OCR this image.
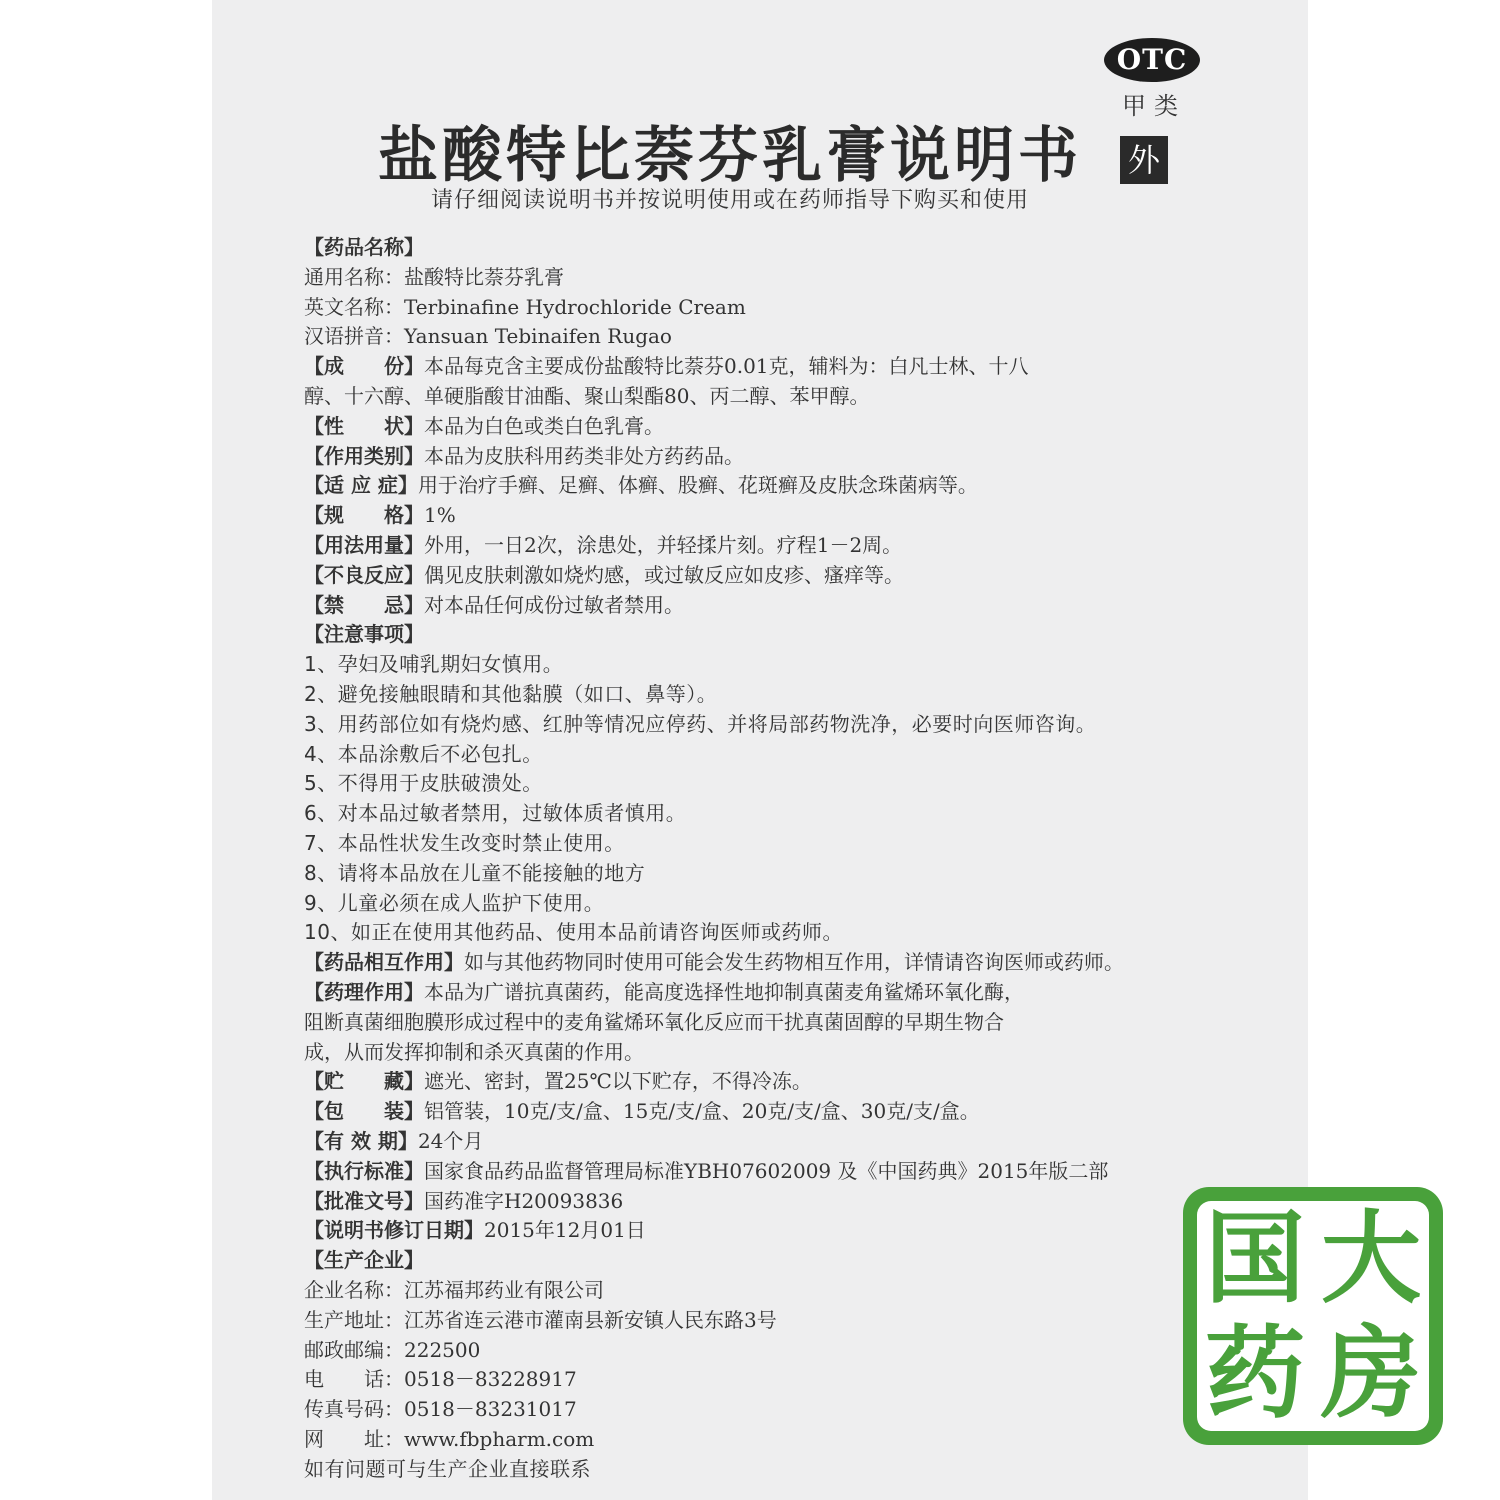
OTC
甲类
外
盐酸特比萘芬乳膏说明书
请仔细阅读说明书并按说明使用或在药师指导下购买和使用
【药品名称】
通用名称：盐酸特比萘芬乳膏
英文名称：Terbinafine Hydrochloride Cream
汉语拼音：Yansuan Tebinaifen Rugao
【成　　份】本品每克含主要成份盐酸特比萘芬0.01克，辅料为：白凡士林、十八
醇、十六醇、单硬脂酸甘油酯、聚山梨酯80、丙二醇、苯甲醇。
【性　　状】本品为白色或类白色乳膏。
【作用类别】本品为皮肤科用药类非处方药药品。
【适 应 症】用于治疗手癣、足癣、体癣、股癣、花斑癣及皮肤念珠菌病等。
【规　　格】1%
【用法用量】外用，一日2次，涂患处，并轻揉片刻。疗程1－2周。
【不良反应】偶见皮肤刺激如烧灼感，或过敏反应如皮疹、瘙痒等。
【禁　　忌】对本品任何成份过敏者禁用。
【注意事项】
1、孕妇及哺乳期妇女慎用。
2、避免接触眼睛和其他黏膜（如口、鼻等）。
3、用药部位如有烧灼感、红肿等情况应停药、并将局部药物洗净，必要时向医师咨询。
4、本品涂敷后不必包扎。
5、不得用于皮肤破溃处。
6、对本品过敏者禁用，过敏体质者慎用。
7、本品性状发生改变时禁止使用。
8、请将本品放在儿童不能接触的地方
9、儿童必须在成人监护下使用。
10、如正在使用其他药品、使用本品前请咨询医师或药师。
【药品相互作用】如与其他药物同时使用可能会发生药物相互作用，详情请咨询医师或药师。
【药理作用】本品为广谱抗真菌药，能高度选择性地抑制真菌麦角鲨烯环氧化酶，
阻断真菌细胞膜形成过程中的麦角鲨烯环氧化反应而干扰真菌固醇的早期生物合
成，从而发挥抑制和杀灭真菌的作用。
【贮　　藏】遮光、密封，置25℃以下贮存，不得冷冻。
【包　　装】铝管装，10克/支/盒、15克/支/盒、20克/支/盒、30克/支/盒。
【有 效 期】24个月
【执行标准】国家食品药品监督管理局标准YBH07602009 及《中国药典》2015年版二部
【批准文号】国药准字H20093836
【说明书修订日期】2015年12月01日
【生产企业】
企业名称：江苏福邦药业有限公司
生产地址：江苏省连云港市灌南县新安镇人民东路3号
邮政邮编：222500
电　　话：0518－83228917
传真号码：0518－83231017
网　　址：www.fbpharm.com
如有问题可与生产企业直接联系
国 大
药 房
